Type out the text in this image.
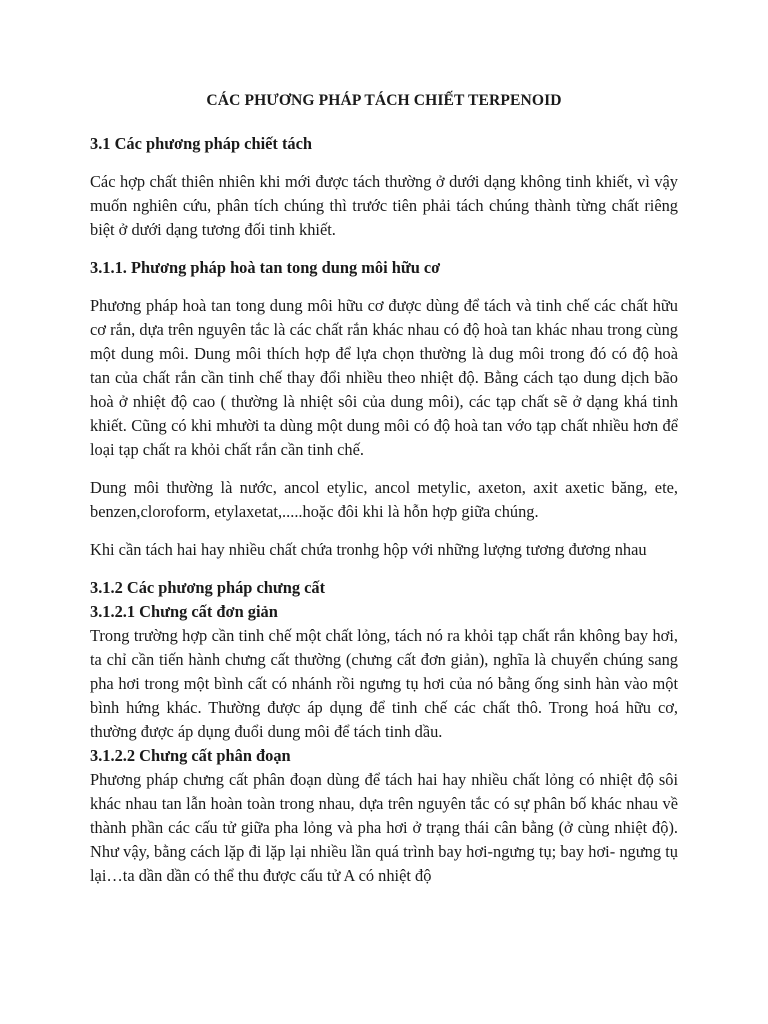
CÁC PHƯƠNG PHÁP TÁCH CHIẾT TERPENOID

3.1 Các phương pháp chiết tách

Các hợp chất thiên nhiên khi mới được tách thường ở dưới dạng không tinh khiết, vì vậy muốn nghiên cứu, phân tích chúng thì trước tiên phải tách chúng thành từng chất riêng biệt ở dưới dạng tương đối tinh khiết.

3.1.1. Phương pháp hoà tan tong dung môi hữu cơ

Phương pháp hoà tan tong dung môi hữu cơ được dùng để tách và tinh chế các chất hữu cơ rắn, dựa trên nguyên tắc là các chất rắn khác nhau có độ hoà tan khác nhau trong cùng một dung môi. Dung môi thích hợp để lựa chọn thường là dug môi trong đó có độ hoà tan của chất rắn cần tinh chế thay đổi nhiều theo nhiệt độ. Bằng cách tạo dung dịch bão hoà ở nhiệt độ cao ( thường là nhiệt sôi của dung môi), các tạp chất sẽ ở dạng khá tinh khiết. Cũng có khi mhười ta dùng một dung môi có độ hoà tan vớo tạp chất nhiều hơn để loại tạp chất ra khỏi chất rắn cần tinh chế.

Dung môi thường là nước, ancol etylic, ancol metylic, axeton, axit axetic băng, ete, benzen,cloroform, etylaxetat,.....hoặc đôi khi là hỗn hợp giữa chúng.

Khi cần tách hai hay nhiều chất chứa tronhg hộp với những lượng tương đương nhau

3.1.2 Các phương pháp chưng cất

3.1.2.1 Chưng cất đơn giản

Trong trường hợp cần tinh chế một chất lỏng, tách nó ra khỏi tạp chất rắn không bay hơi, ta chỉ cần tiến hành chưng cất thường (chưng cất đơn giản), nghĩa là chuyển chúng sang pha hơi trong một bình cất có nhánh rồi ngưng tụ hơi của nó bằng ống sinh hàn vào một bình hứng khác. Thường được áp dụng để tinh chế các chất thô. Trong hoá hữu cơ, thường được áp dụng đuổi dung môi để tách tinh dầu.

3.1.2.2 Chưng cất phân đoạn

Phương pháp chưng cất phân đoạn dùng để tách hai hay nhiều chất lỏng có nhiệt độ sôi khác nhau tan lẫn hoàn toàn trong nhau, dựa trên nguyên tắc có sự phân bố khác nhau về thành phần các cấu tử giữa pha lỏng và pha hơi ở trạng thái cân bằng (ở cùng nhiệt độ). Như vậy, bằng cách lặp đi lặp lại nhiều lần quá trình bay hơi-ngưng tụ; bay hơi- ngưng tụ lại…ta dần dần có thể thu được cấu tử A có nhiệt độ
